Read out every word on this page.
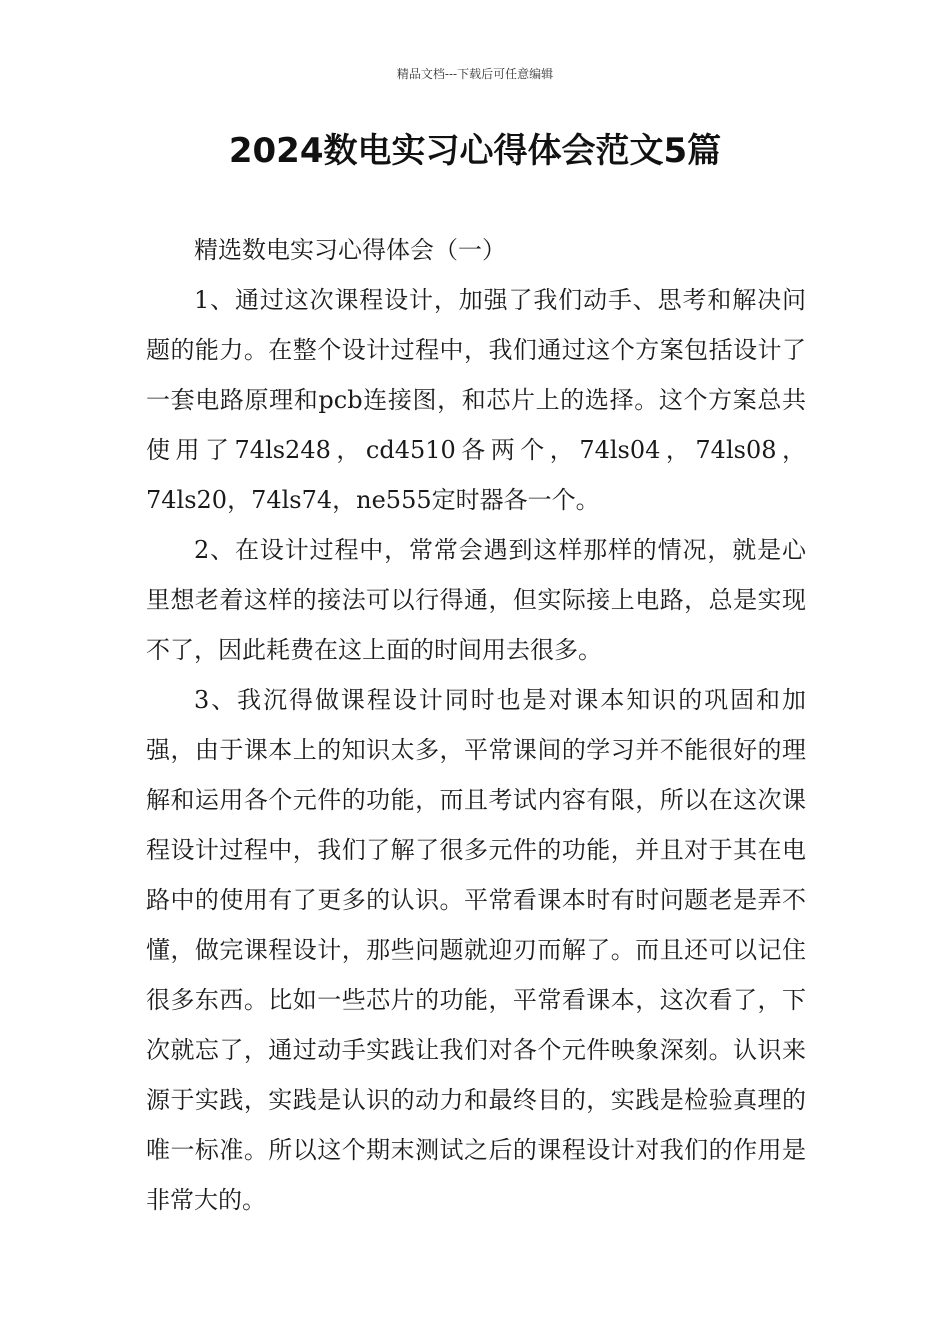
精品文档---下载后可任意编辑
2024数电实习心得体会范文5篇

精选数电实习心得体会（一）

1、通过这次课程设计，加强了我们动手、思考和解决问题的能力。在整个设计过程中，我们通过这个方案包括设计了一套电路原理和pcb连接图，和芯片上的选择。这个方案总共使用了74ls248，cd4510各两个，74ls04，74ls08，74ls20，74ls74，ne555定时器各一个。

2、在设计过程中，常常会遇到这样那样的情况，就是心里想老着这样的接法可以行得通，但实际接上电路，总是实现不了，因此耗费在这上面的时间用去很多。

3、我沉得做课程设计同时也是对课本知识的巩固和加强，由于课本上的知识太多，平常课间的学习并不能很好的理解和运用各个元件的功能，而且考试内容有限，所以在这次课程设计过程中，我们了解了很多元件的功能，并且对于其在电路中的使用有了更多的认识。平常看课本时有时问题老是弄不懂，做完课程设计，那些问题就迎刃而解了。而且还可以记住很多东西。比如一些芯片的功能，平常看课本，这次看了，下次就忘了，通过动手实践让我们对各个元件映象深刻。认识来源于实践，实践是认识的动力和最终目的，实践是检验真理的唯一标准。所以这个期末测试之后的课程设计对我们的作用是非常大的。
